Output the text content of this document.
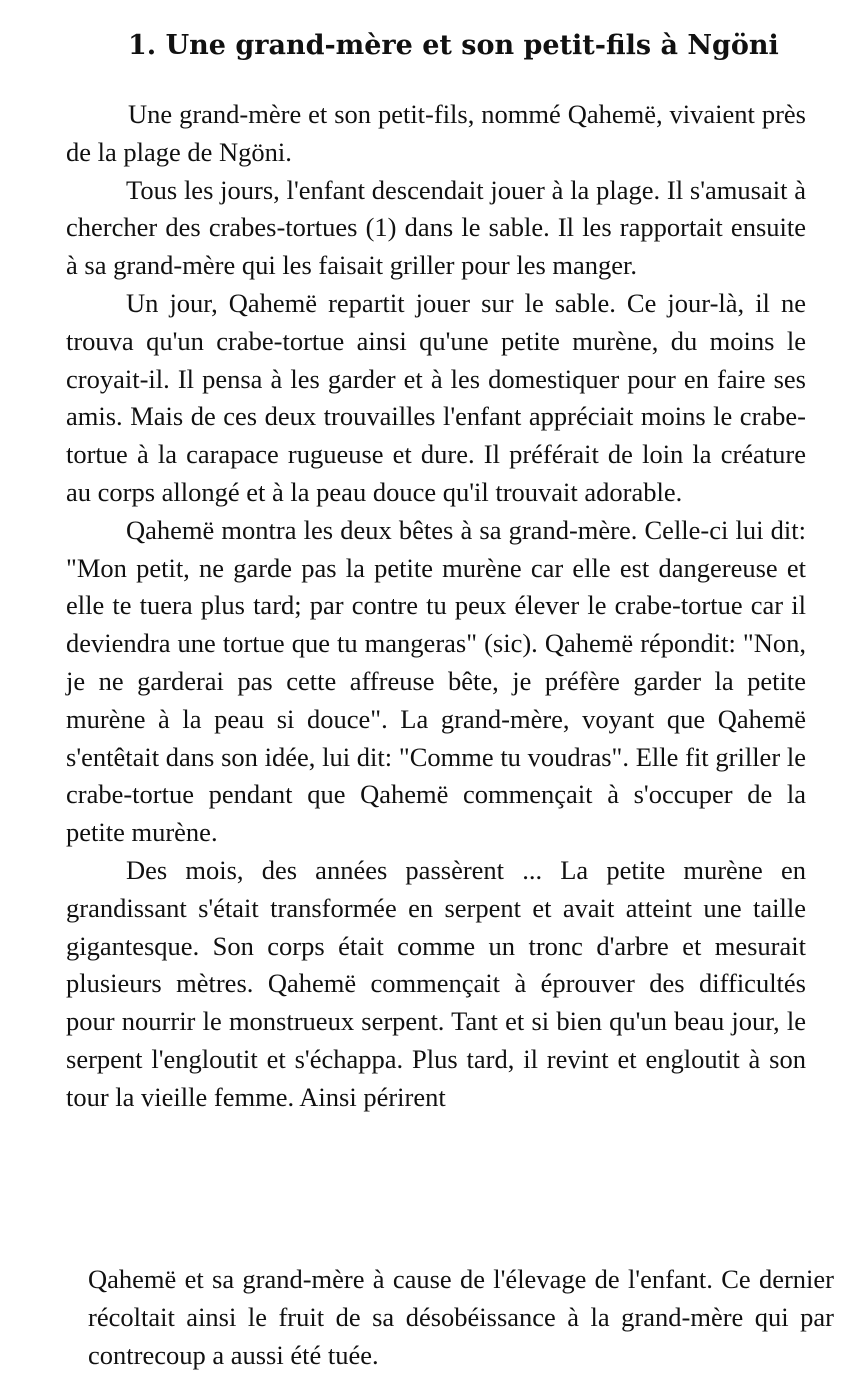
1. Une grand-mère et son petit-fils à Ngöni

Une grand-mère et son petit-fils, nommé Qahemë, vivaient près de la plage de Ngöni.

Tous les jours, l'enfant descendait jouer à la plage. Il s'amusait à chercher des crabes-tortues (1) dans le sable. Il les rapportait ensuite à sa grand-mère qui les faisait griller pour les manger.

Un jour, Qahemë repartit jouer sur le sable. Ce jour-là, il ne trouva qu'un crabe-tortue ainsi qu'une petite murène, du moins le croyait-il. Il pensa à les garder et à les domestiquer pour en faire ses amis. Mais de ces deux trouvailles l'enfant appréciait moins le crabe-tortue à la carapace rugueuse et dure. Il préférait de loin la créature au corps allongé et à la peau douce qu'il trouvait adorable.

Qahemë montra les deux bêtes à sa grand-mère. Celle-ci lui dit: "Mon petit, ne garde pas la petite murène car elle est dangereuse et elle te tuera plus tard; par contre tu peux élever le crabe-tortue car il deviendra une tortue que tu mangeras" (sic). Qahemë répondit: "Non, je ne garderai pas cette affreuse bête, je préfère garder la petite murène à la peau si douce". La grand-mère, voyant que Qahemë s'entêtait dans son idée, lui dit: "Comme tu voudras". Elle fit griller le crabe-tortue pendant que Qahemë commençait à s'occuper de la petite murène.

Des mois, des années passèrent ... La petite murène en grandissant s'était transformée en serpent et avait atteint une taille gigantesque. Son corps était comme un tronc d'arbre et mesurait plusieurs mètres. Qahemë commençait à éprouver des difficultés pour nourrir le monstrueux serpent. Tant et si bien qu'un beau jour, le serpent l'engloutit et s'échappa. Plus tard, il revint et engloutit à son tour la vieille femme. Ainsi périrent

Qahemë et sa grand-mère à cause de l'élevage de l'enfant. Ce dernier récoltait ainsi le fruit de sa désobéissance à la grand-mère qui par contrecoup a aussi été tuée.
